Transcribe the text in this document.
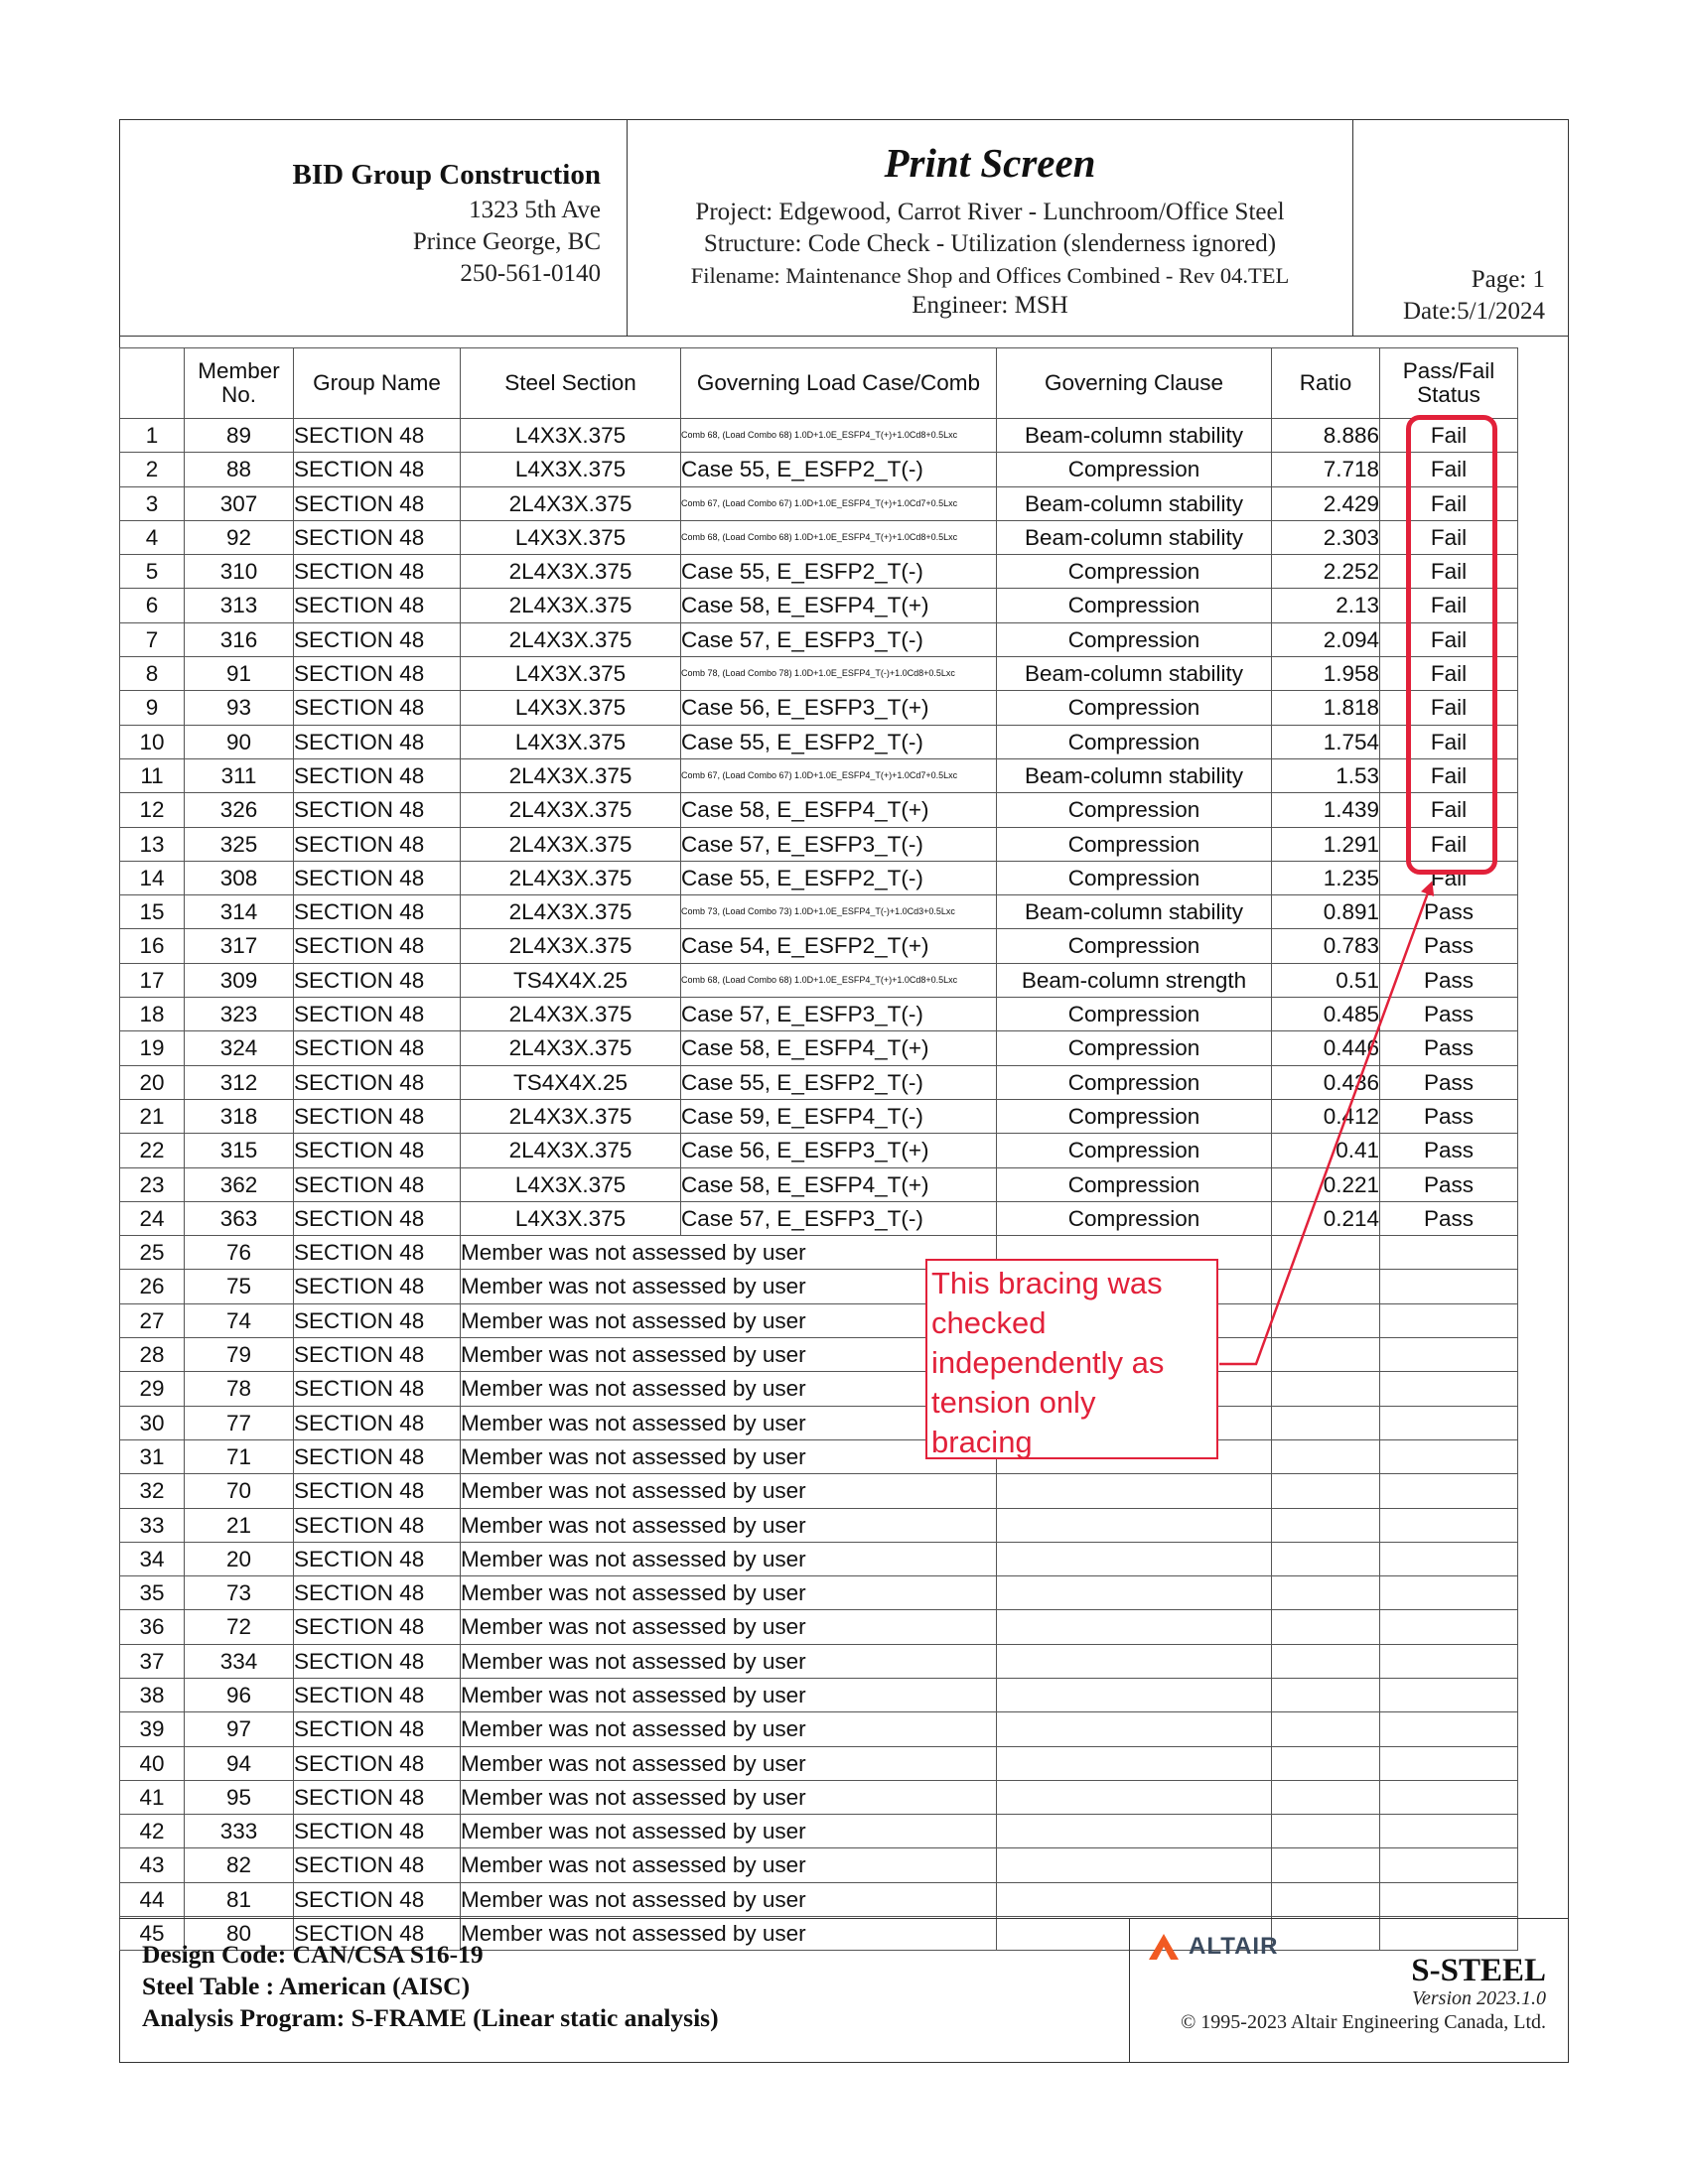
BID Group Construction
1323 5th Ave
Prince George, BC
250-561-0140
Print Screen
Project: Edgewood, Carrot River - Lunchroom/Office Steel
Structure: Code Check - Utilization (slenderness ignored)
Filename: Maintenance Shop and Offices Combined - Rev 04.TEL
Engineer: MSH
Page: 1
Date:5/1/2024
	Member No.	Group Name	Steel Section	Governing Load Case/Comb	Governing Clause	Ratio	Pass/Fail Status
1	89	SECTION 48	L4X3X.375	Comb 68, (Load Combo 68) 1.0D+1.0E_ESFP4_T(+)+1.0Cd8+0.5Lxc	Beam-column stability	8.886	Fail
2	88	SECTION 48	L4X3X.375	Case 55, E_ESFP2_T(-)	Compression	7.718	Fail
3	307	SECTION 48	2L4X3X.375	Comb 67, (Load Combo 67) 1.0D+1.0E_ESFP4_T(+)+1.0Cd7+0.5Lxc	Beam-column stability	2.429	Fail
4	92	SECTION 48	L4X3X.375	Comb 68, (Load Combo 68) 1.0D+1.0E_ESFP4_T(+)+1.0Cd8+0.5Lxc	Beam-column stability	2.303	Fail
5	310	SECTION 48	2L4X3X.375	Case 55, E_ESFP2_T(-)	Compression	2.252	Fail
6	313	SECTION 48	2L4X3X.375	Case 58, E_ESFP4_T(+)	Compression	2.13	Fail
7	316	SECTION 48	2L4X3X.375	Case 57, E_ESFP3_T(-)	Compression	2.094	Fail
8	91	SECTION 48	L4X3X.375	Comb 78, (Load Combo 78) 1.0D+1.0E_ESFP4_T(-)+1.0Cd8+0.5Lxc	Beam-column stability	1.958	Fail
9	93	SECTION 48	L4X3X.375	Case 56, E_ESFP3_T(+)	Compression	1.818	Fail
10	90	SECTION 48	L4X3X.375	Case 55, E_ESFP2_T(-)	Compression	1.754	Fail
11	311	SECTION 48	2L4X3X.375	Comb 67, (Load Combo 67) 1.0D+1.0E_ESFP4_T(+)+1.0Cd7+0.5Lxc	Beam-column stability	1.53	Fail
12	326	SECTION 48	2L4X3X.375	Case 58, E_ESFP4_T(+)	Compression	1.439	Fail
13	325	SECTION 48	2L4X3X.375	Case 57, E_ESFP3_T(-)	Compression	1.291	Fail
14	308	SECTION 48	2L4X3X.375	Case 55, E_ESFP2_T(-)	Compression	1.235	Fail
15	314	SECTION 48	2L4X3X.375	Comb 73, (Load Combo 73) 1.0D+1.0E_ESFP4_T(-)+1.0Cd3+0.5Lxc	Beam-column stability	0.891	Pass
16	317	SECTION 48	2L4X3X.375	Case 54, E_ESFP2_T(+)	Compression	0.783	Pass
17	309	SECTION 48	TS4X4X.25	Comb 68, (Load Combo 68) 1.0D+1.0E_ESFP4_T(+)+1.0Cd8+0.5Lxc	Beam-column strength	0.51	Pass
18	323	SECTION 48	2L4X3X.375	Case 57, E_ESFP3_T(-)	Compression	0.485	Pass
19	324	SECTION 48	2L4X3X.375	Case 58, E_ESFP4_T(+)	Compression	0.446	Pass
20	312	SECTION 48	TS4X4X.25	Case 55, E_ESFP2_T(-)	Compression	0.436	Pass
21	318	SECTION 48	2L4X3X.375	Case 59, E_ESFP4_T(-)	Compression	0.412	Pass
22	315	SECTION 48	2L4X3X.375	Case 56, E_ESFP3_T(+)	Compression	0.41	Pass
23	362	SECTION 48	L4X3X.375	Case 58, E_ESFP4_T(+)	Compression	0.221	Pass
24	363	SECTION 48	L4X3X.375	Case 57, E_ESFP3_T(-)	Compression	0.214	Pass
25	76	SECTION 48	Member was not assessed by user				
26	75	SECTION 48	Member was not assessed by user				
27	74	SECTION 48	Member was not assessed by user				
28	79	SECTION 48	Member was not assessed by user				
29	78	SECTION 48	Member was not assessed by user				
30	77	SECTION 48	Member was not assessed by user				
31	71	SECTION 48	Member was not assessed by user				
32	70	SECTION 48	Member was not assessed by user				
33	21	SECTION 48	Member was not assessed by user				
34	20	SECTION 48	Member was not assessed by user				
35	73	SECTION 48	Member was not assessed by user				
36	72	SECTION 48	Member was not assessed by user				
37	334	SECTION 48	Member was not assessed by user				
38	96	SECTION 48	Member was not assessed by user				
39	97	SECTION 48	Member was not assessed by user				
40	94	SECTION 48	Member was not assessed by user				
41	95	SECTION 48	Member was not assessed by user				
42	333	SECTION 48	Member was not assessed by user				
43	82	SECTION 48	Member was not assessed by user				
44	81	SECTION 48	Member was not assessed by user				
45	80	SECTION 48	Member was not assessed by user				
This bracing was
checked
independently as
tension only
bracing
Design Code: CAN/CSA S16-19
Steel Table : American (AISC)
Analysis Program: S-FRAME (Linear static analysis)
ALTAIR
S-STEEL
Version 2023.1.0
© 1995-2023 Altair Engineering Canada, Ltd.
